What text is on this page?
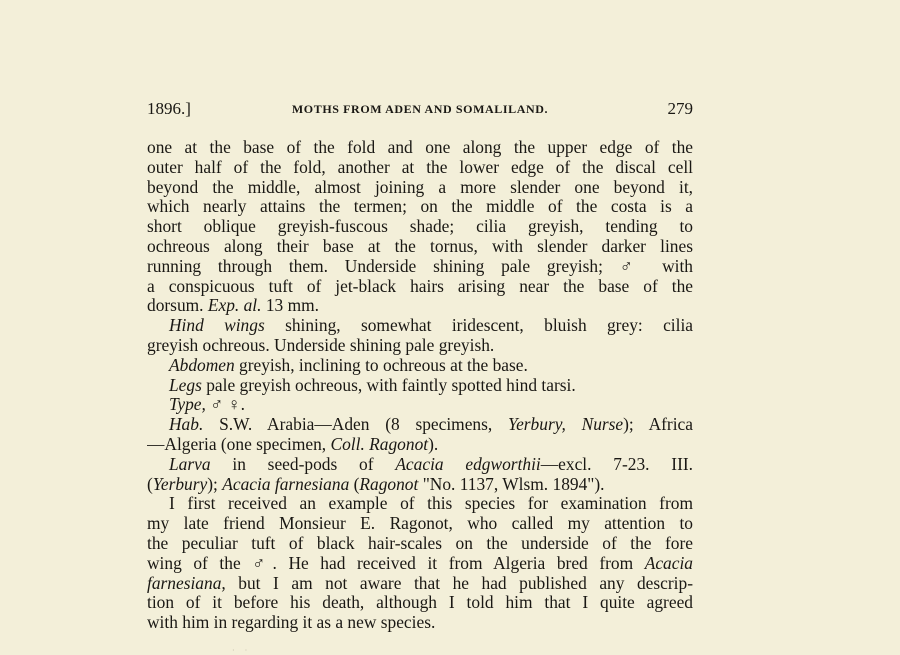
1896.]	MOTHS FROM ADEN AND SOMALILAND.	279
one at the base of the fold and one along the upper edge of the
outer half of the fold, another at the lower edge of the discal cell
beyond the middle, almost joining a more slender one beyond it,
which nearly attains the termen; on the middle of the costa is a
short oblique greyish-fuscous shade; cilia greyish, tending to
ochreous along their base at the tornus, with slender darker lines
running through them. Underside shining pale greyish; ♂ with
a conspicuous tuft of jet-black hairs arising near the base of the
dorsum. Exp. al. 13 mm.
Hind wings shining, somewhat iridescent, bluish grey: cilia
greyish ochreous. Underside shining pale greyish.
Abdomen greyish, inclining to ochreous at the base.
Legs pale greyish ochreous, with faintly spotted hind tarsi.
Type, ♂ ♀.
Hab. S.W. Arabia—Aden (8 specimens, Yerbury, Nurse); Africa
—Algeria (one specimen, Coll. Ragonot).
Larva in seed-pods of Acacia edgworthii—excl. 7-23. III.
(Yerbury); Acacia farnesiana (Ragonot "No. 1137, Wlsm. 1894").
I first received an example of this species for examination from
my late friend Monsieur E. Ragonot, who called my attention to
the peculiar tuft of black hair-scales on the underside of the fore
wing of the ♂. He had received it from Algeria bred from Acacia
farnesiana, but I am not aware that he had published any descrip-
tion of it before his death, although I told him that I quite agreed
with him in regarding it as a new species.
· ·
